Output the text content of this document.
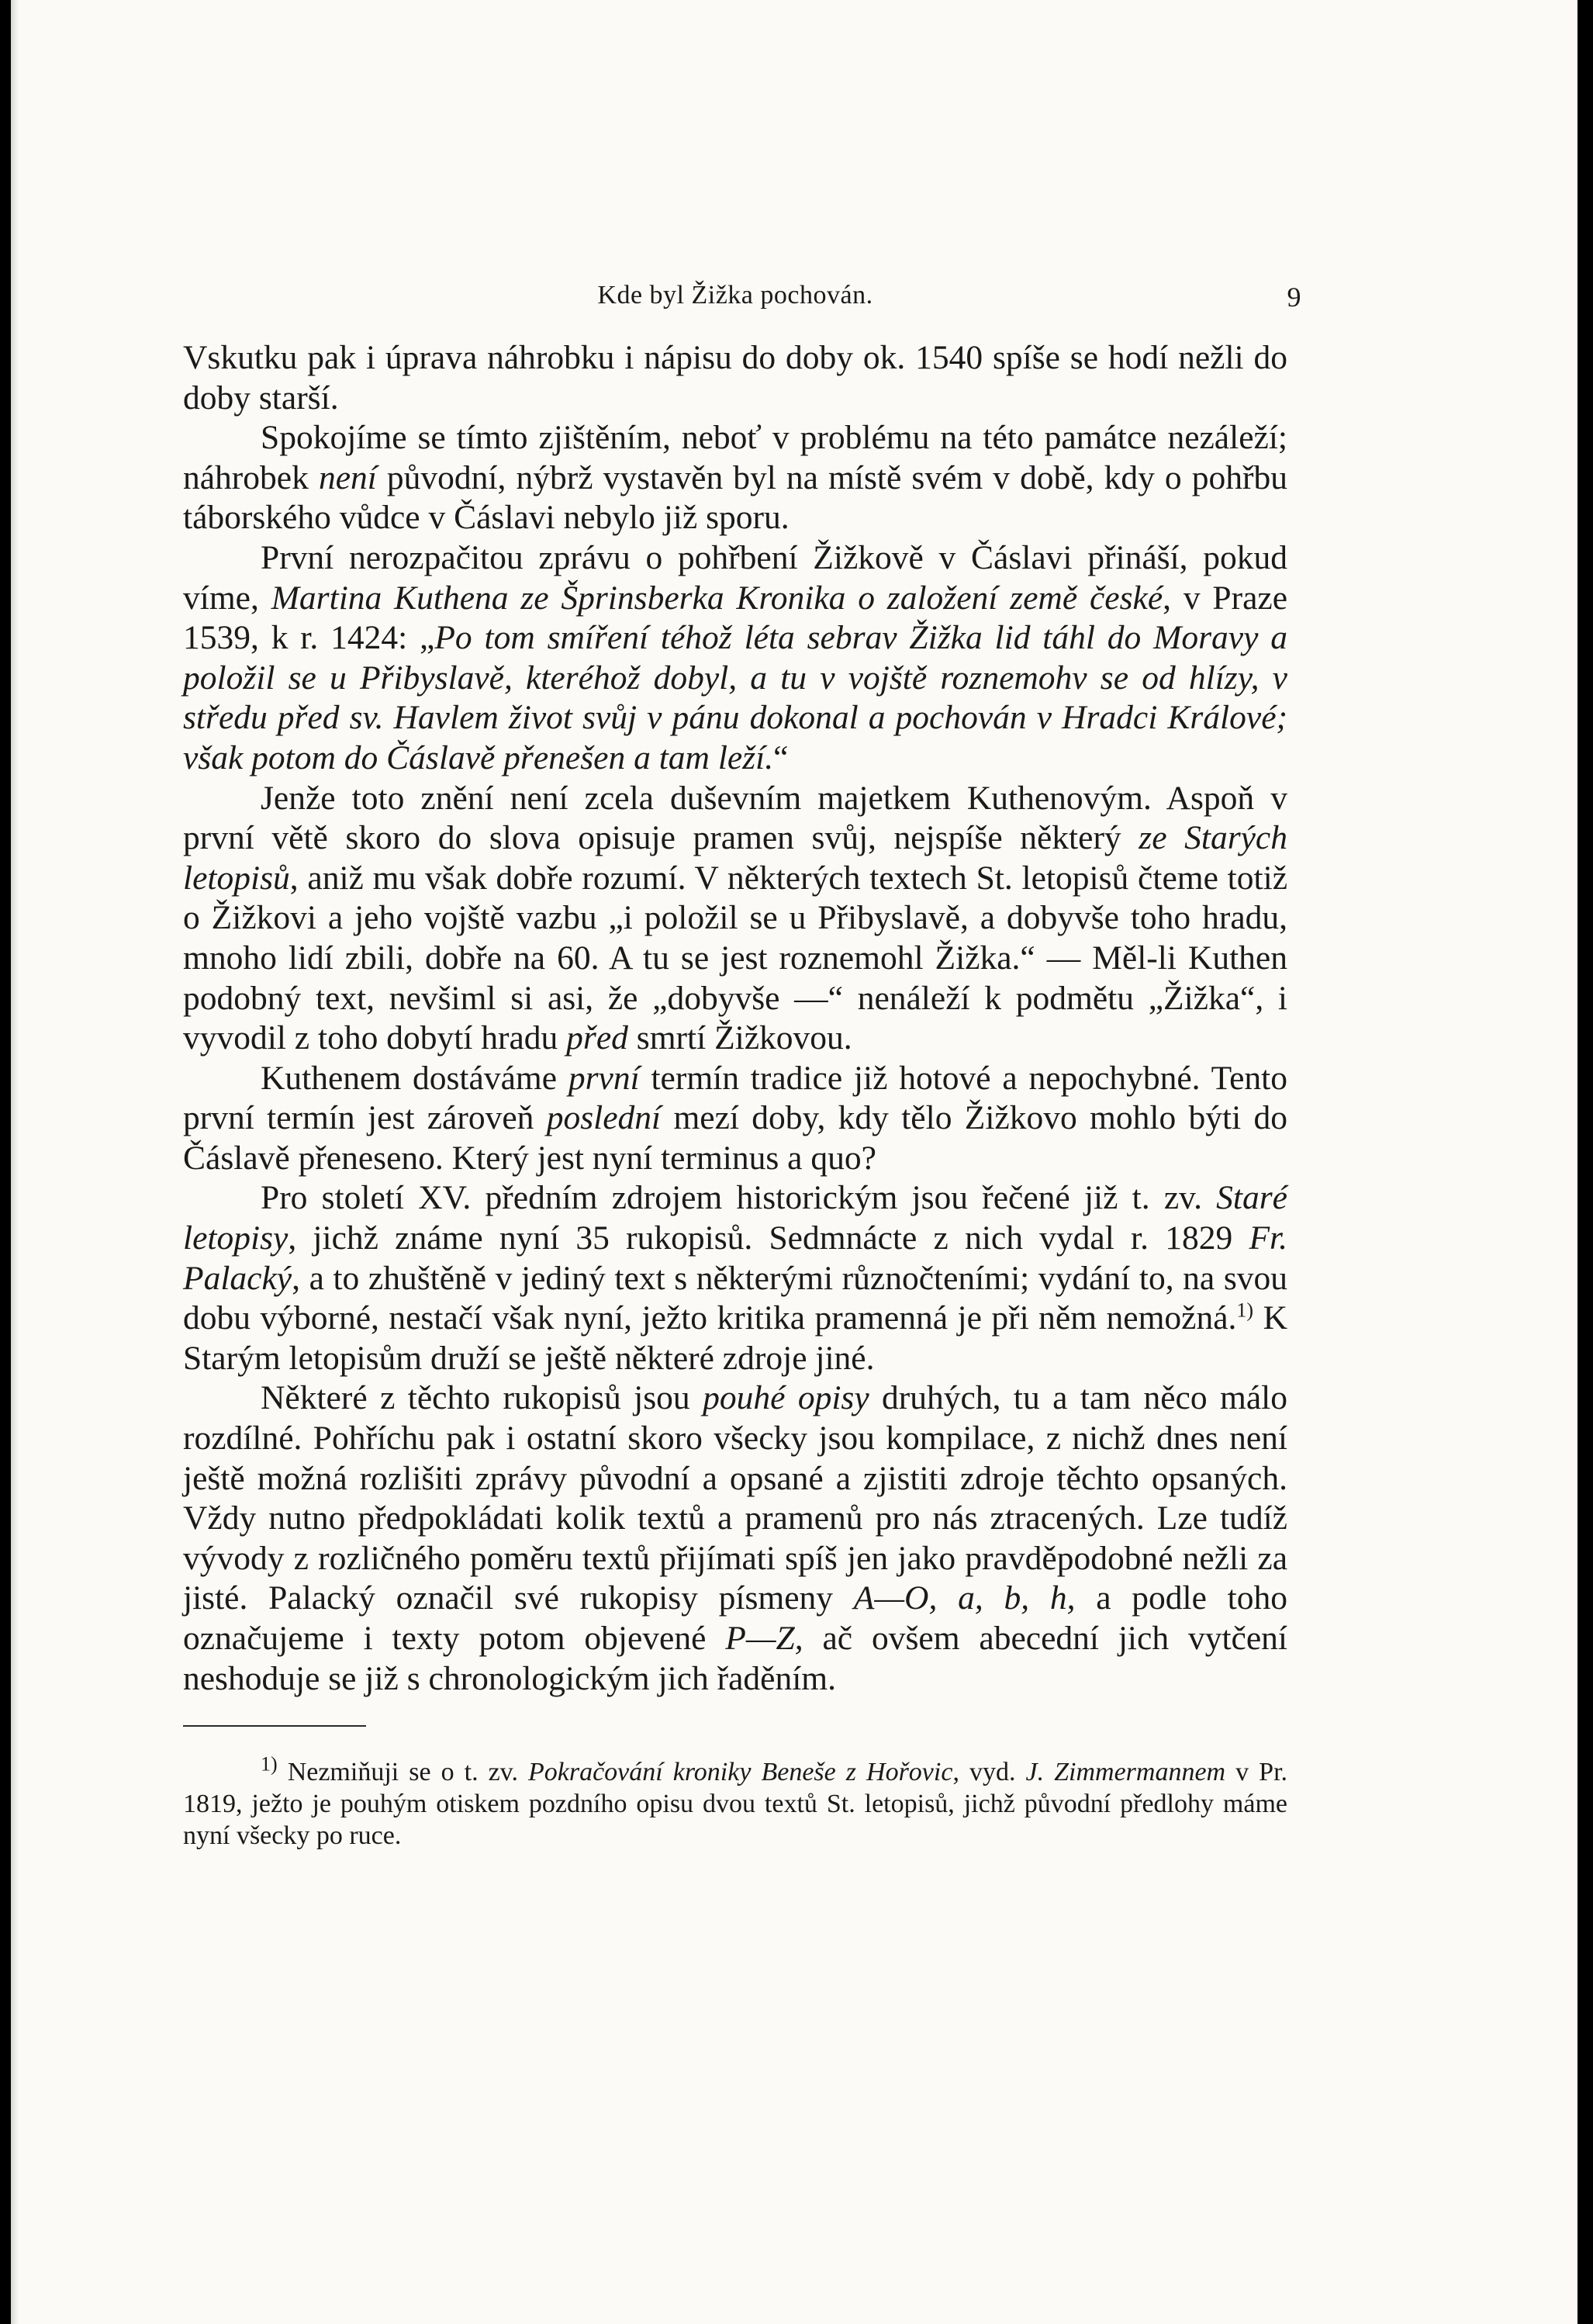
Kde byl Žižka pochován.	9

Vskutku pak i úprava náhrobku i nápisu do doby ok. 1540 spíše se hodí nežli do doby starší.

Spokojíme se tímto zjištěním, neboť v problému na této památce nezáleží; náhrobek není původní, nýbrž vystavěn byl na místě svém v době, kdy o pohřbu táborského vůdce v Čáslavi nebylo již sporu.

První nerozpačitou zprávu o pohřbení Žižkově v Čáslavi přináší, pokud víme, Martina Kuthena ze Šprinsberka Kronika o založení země české, v Praze 1539, k r. 1424: „Po tom smíření téhož léta sebrav Žižka lid táhl do Moravy a položil se u Přibyslavě, kteréhož dobyl, a tu v vojště roznemohv se od hlízy, v středu před sv. Havlem život svůj v pánu dokonal a pochován v Hradci Králové; však potom do Čáslavě přenešen a tam leží.“

Jenže toto znění není zcela duševním majetkem Kuthenovým. Aspoň v první větě skoro do slova opisuje pramen svůj, nejspíše některý ze Starých letopisů, aniž mu však dobře rozumí. V některých textech St. letopisů čteme totiž o Žižkovi a jeho vojště vazbu „i položil se u Přibyslavě, a dobyvše toho hradu, mnoho lidí zbili, dobře na 60. A tu se jest roznemohl Žižka.“ — Měl-li Kuthen podobný text, nevšiml si asi, že „dobyvše —“ nenáleží k podmětu „Žižka“, i vyvodil z toho dobytí hradu před smrtí Žižkovou.

Kuthenem dostáváme první termín tradice již hotové a nepochybné. Tento první termín jest zároveň poslední mezí doby, kdy tělo Žižkovo mohlo býti do Čáslavě přeneseno. Který jest nyní terminus a quo?

Pro století XV. předním zdrojem historickým jsou řečené již t. zv. Staré letopisy, jichž známe nyní 35 rukopisů. Sedmnácte z nich vydal r. 1829 Fr. Palacký, a to zhuštěně v jediný text s některými různočteními; vydání to, na svou dobu výborné, nestačí však nyní, ježto kritika pramenná je při něm nemožná.$^{1)}$ K Starým letopisům druží se ještě některé zdroje jiné.

Některé z těchto rukopisů jsou pouhé opisy druhých, tu a tam něco málo rozdílné. Pohříchu pak i ostatní skoro všecky jsou kompilace, z nichž dnes není ještě možná rozlišiti zprávy původní a opsané a zjistiti zdroje těchto opsaných. Vždy nutno předpokládati kolik textů a pramenů pro nás ztracených. Lze tudíž vývody z rozličného poměru textů přijímati spíš jen jako pravděpodobné nežli za jisté. Palacký označil své rukopisy písmeny A—O, a, b, h, a podle toho označujeme i texty potom objevené P—Z, ač ovšem abecední jich vytčení neshoduje se již s chronologickým jich řaděním.

$^{1)}$ Nezmiňuji se o t. zv. Pokračování kroniky Beneše z Hořovic, vyd. J. Zimmermannem v Pr. 1819, ježto je pouhým otiskem pozdního opisu dvou textů St. letopisů, jichž původní předlohy máme nyní všecky po ruce.
